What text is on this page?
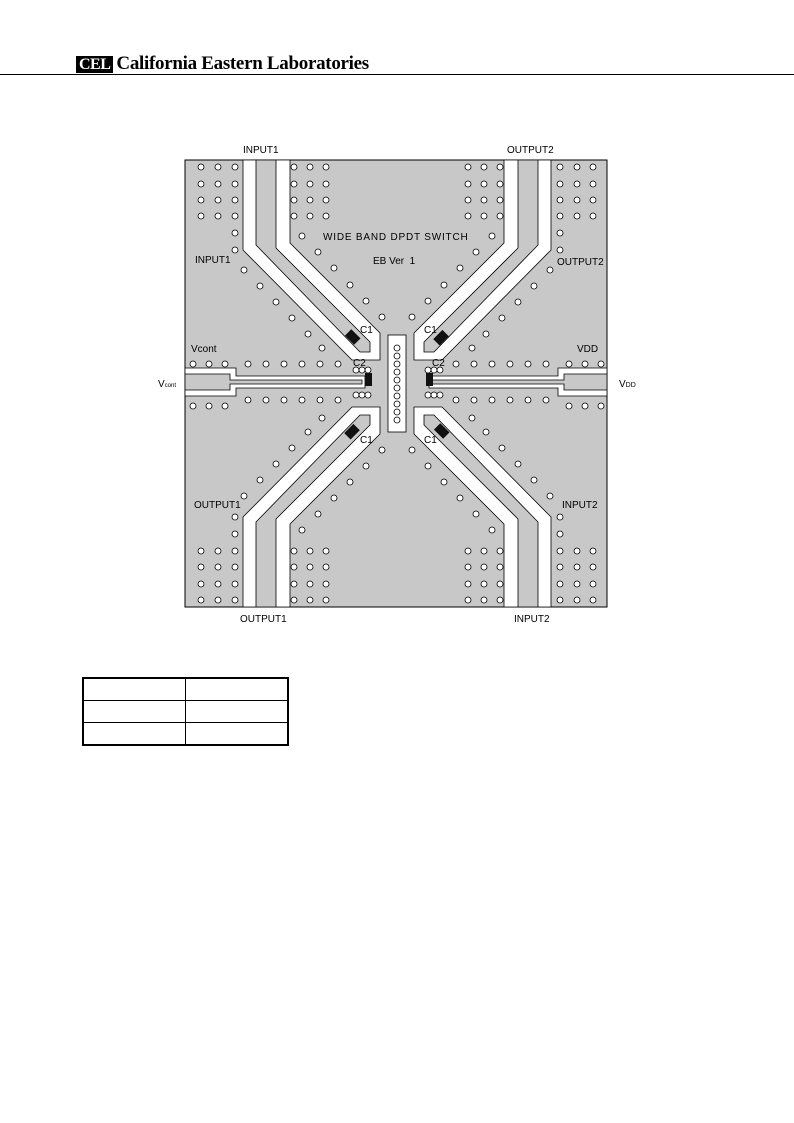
CEL California Eastern Laboratories
INPUT1	OUTPUT2
INPUT1	OUTPUT2
WIDE BAND DPDT SWITCH
EB Ver  1
Vcont	VDD
Vcont	VDD
C1	C1
C2	C2
C1	C1
OUTPUT1	INPUT2
OUTPUT1	INPUT2
